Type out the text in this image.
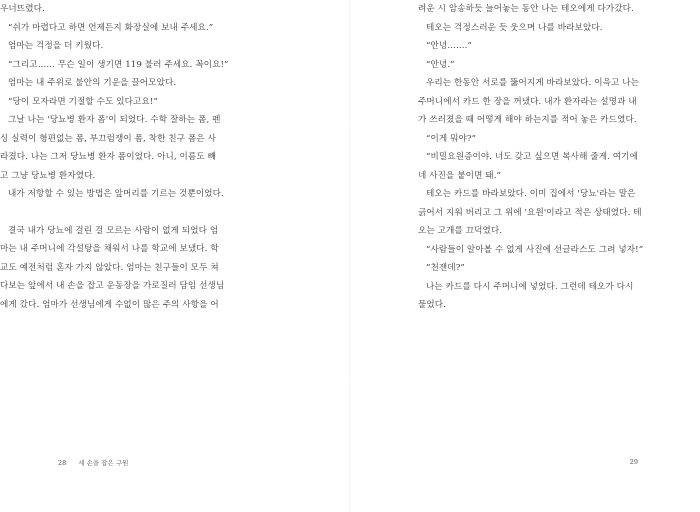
우너뜨렸다.
“쉬가 마렵다고 하면 언제든지 화장실에 보내 주세요.”
엄마는 걱정을 더 키웠다.
“그리고…… 무슨 일이 생기면 119 불러 주세요. 꼭이요!”
엄마는 내 주위로 불안의 기운을 끌어모았다.
“당이 모자라면 기절할 수도 있다고요!”
그날 나는 '당뇨병 환자 폼'이 되었다. 수학 잘하는 폼, 펜
싱 실력이 형편없는 폼, 부끄럼쟁이 폼, 착한 친구 폼은 사
라졌다. 나는 그저 당뇨병 환자 폼이었다. 아니, 이름도 빼
고 그냥 당뇨병 환자였다.
내가 저항할 수 있는 방법은 앞머리를 기르는 것뿐이었다.
결국 내가 당뇨에 걸린 걸 모르는 사람이 없게 되었다 엄
마는 내 주머니에 각설탕을 채워서 나를 학교에 보냈다. 학
교도 예전처럼 혼자 가지 않았다. 엄마는 친구들이 모두 쳐
다보는 앞에서 내 손을 잡고 운동장을 가로질러 담임 선생님
에게 갔다. 엄마가 선생님에게 수없이 많은 주의 사항을 어
려운 시 암송하듯 늘어놓는 동안 나는 테오에게 다가갔다.
테오는 걱정스러운 듯 웃으며 나를 바라보았다.
“안녕…….”
“안녕.”
우리는 한동안 서로를 뚫어지게 바라보았다. 이윽고 나는
주머니에서 카드 한 장을 꺼냈다. 내가 환자라는 설명과 내
가 쓰러졌을 때 어떻게 해야 하는지를 적어 놓은 카드였다.
“이게 뭐야?”
“비밀요원증이야. 너도 갖고 싶으면 복사해 줄게. 여기에
네 사진을 붙이면 돼.”
테오는 카드를 바라보았다. 이미 집에서 '당뇨'라는 말은
긁어서 지워 버리고 그 위에 '요원'이라고 적은 상태였다. 테
오는 고개를 끄덕였다.
“사람들이 알아볼 수 없게 사진에 선글라스도 그려 넣자!”
“천잰데?”
나는 카드를 다시 주머니에 넣었다. 그런데 테오가 다시
물었다.
28 세 손을 잡은 구원	29
